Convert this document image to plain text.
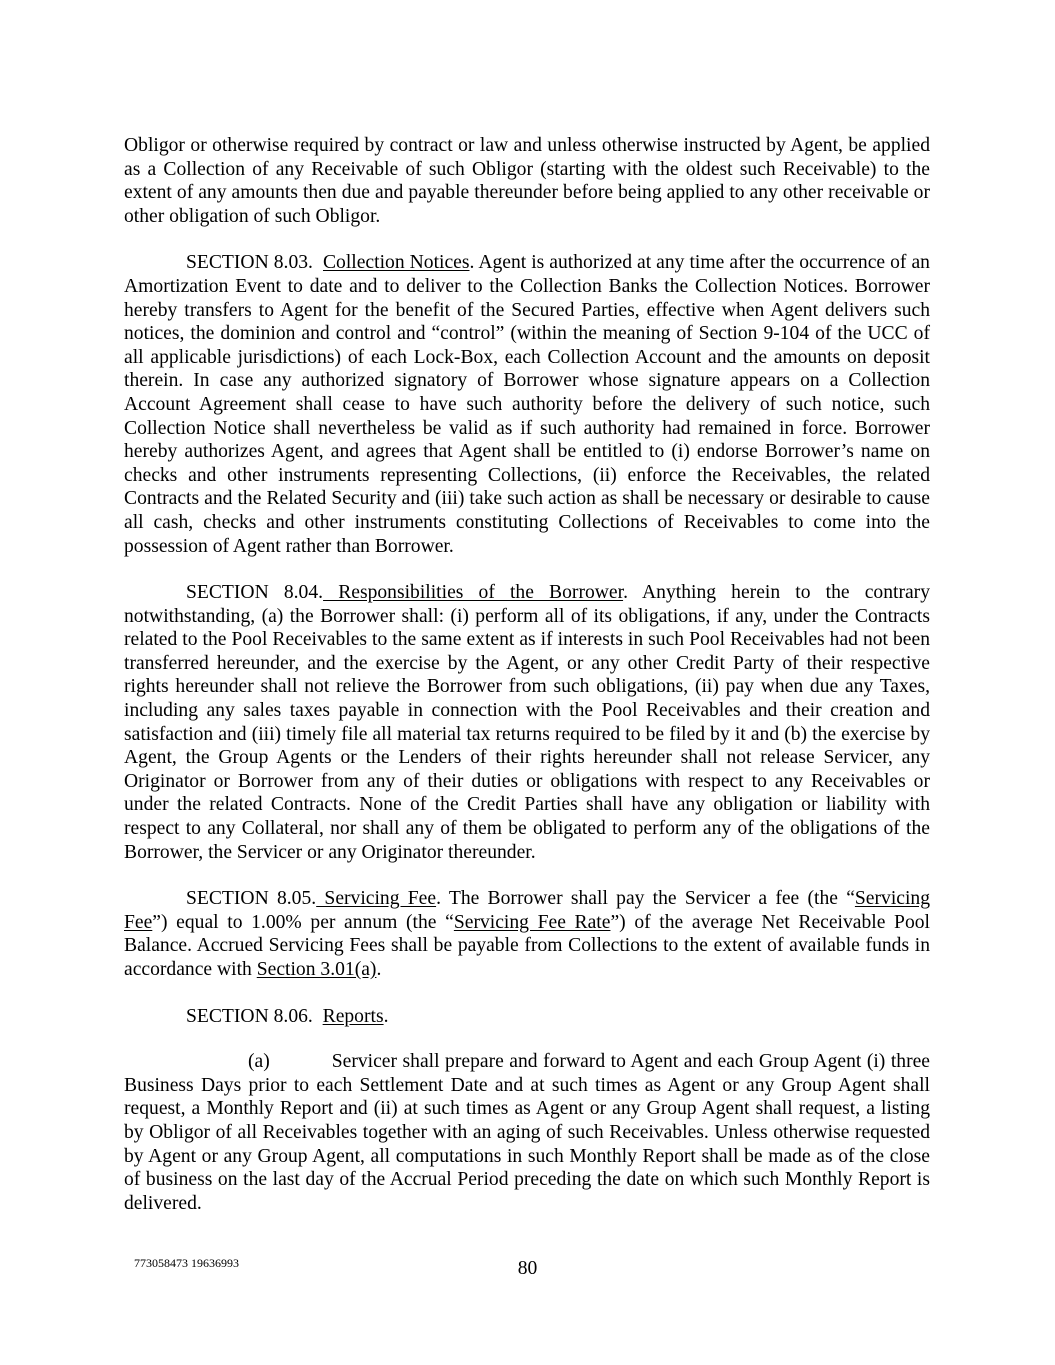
Obligor or otherwise required by contract or law and unless otherwise instructed by Agent, be applied as a Collection of any Receivable of such Obligor (starting with the oldest such Receivable) to the extent of any amounts then due and payable thereunder before being applied to any other receivable or other obligation of such Obligor.

SECTION 8.03. Collection Notices. Agent is authorized at any time after the occurrence of an Amortization Event to date and to deliver to the Collection Banks the Collection Notices. Borrower hereby transfers to Agent for the benefit of the Secured Parties, effective when Agent delivers such notices, the dominion and control and “control” (within the meaning of Section 9-104 of the UCC of all applicable jurisdictions) of each Lock-Box, each Collection Account and the amounts on deposit therein. In case any authorized signatory of Borrower whose signature appears on a Collection Account Agreement shall cease to have such authority before the delivery of such notice, such Collection Notice shall nevertheless be valid as if such authority had remained in force. Borrower hereby authorizes Agent, and agrees that Agent shall be entitled to (i) endorse Borrower’s name on checks and other instruments representing Collections, (ii) enforce the Receivables, the related Contracts and the Related Security and (iii) take such action as shall be necessary or desirable to cause all cash, checks and other instruments constituting Collections of Receivables to come into the possession of Agent rather than Borrower.

SECTION 8.04. Responsibilities of the Borrower. Anything herein to the contrary notwithstanding, (a) the Borrower shall: (i) perform all of its obligations, if any, under the Contracts related to the Pool Receivables to the same extent as if interests in such Pool Receivables had not been transferred hereunder, and the exercise by the Agent, or any other Credit Party of their respective rights hereunder shall not relieve the Borrower from such obligations, (ii) pay when due any Taxes, including any sales taxes payable in connection with the Pool Receivables and their creation and satisfaction and (iii) timely file all material tax returns required to be filed by it and (b) the exercise by Agent, the Group Agents or the Lenders of their rights hereunder shall not release Servicer, any Originator or Borrower from any of their duties or obligations with respect to any Receivables or under the related Contracts. None of the Credit Parties shall have any obligation or liability with respect to any Collateral, nor shall any of them be obligated to perform any of the obligations of the Borrower, the Servicer or any Originator thereunder.

SECTION 8.05. Servicing Fee. The Borrower shall pay the Servicer a fee (the “Servicing Fee”) equal to 1.00% per annum (the “Servicing Fee Rate”) of the average Net Receivable Pool Balance. Accrued Servicing Fees shall be payable from Collections to the extent of available funds in accordance with Section 3.01(a).

SECTION 8.06. Reports.

(a)	Servicer shall prepare and forward to Agent and each Group Agent (i) three Business Days prior to each Settlement Date and at such times as Agent or any Group Agent shall request, a Monthly Report and (ii) at such times as Agent or any Group Agent shall request, a listing by Obligor of all Receivables together with an aging of such Receivables. Unless otherwise requested by Agent or any Group Agent, all computations in such Monthly Report shall be made as of the close of business on the last day of the Accrual Period preceding the date on which such Monthly Report is delivered.

773058473 19636993	80
